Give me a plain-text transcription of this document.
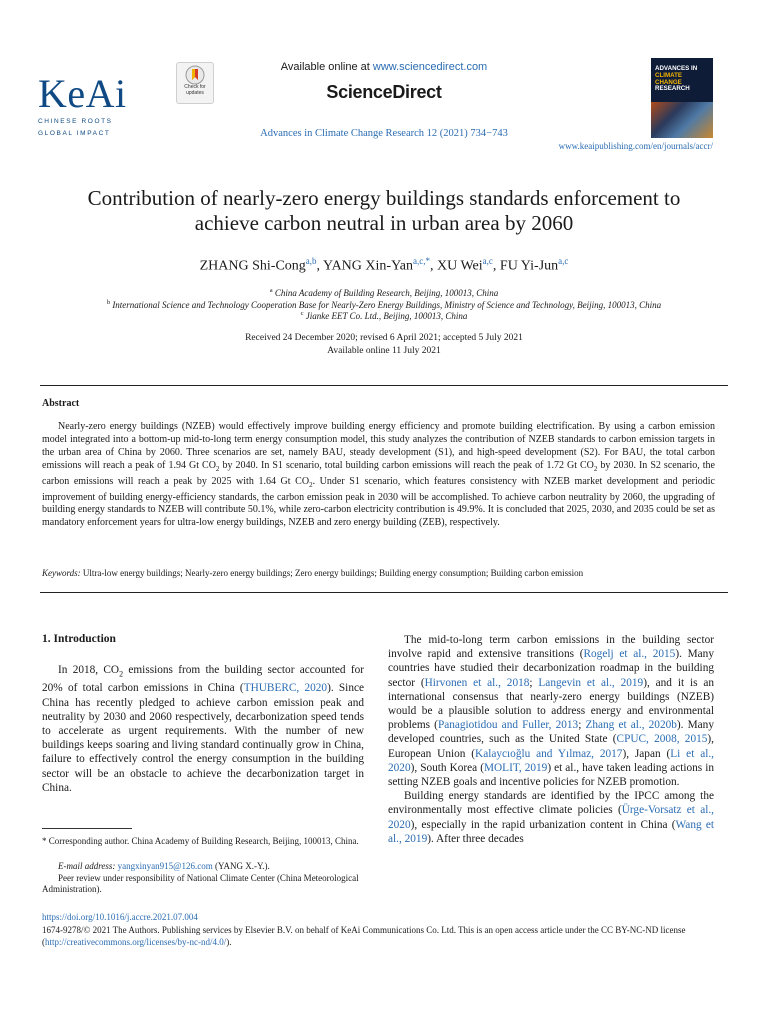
KeAi
CHINESE ROOTS
GLOBAL IMPACT
Check for
updates
Available online at www.sciencedirect.com
ScienceDirect
Advances in Climate Change Research 12 (2021) 734−743
ADVANCES IN
CLIMATE
CHANGE
RESEARCH
www.keaipublishing.com/en/journals/accr/
Contribution of nearly-zero energy buildings standards enforcement to
achieve carbon neutral in urban area by 2060
ZHANG Shi-Cong$^{a,b}$, YANG Xin-Yan$^{a,c,*}$, XU Wei$^{a,c}$, FU Yi-Jun$^{a,c}$
$^a$ China Academy of Building Research, Beijing, 100013, China
$^b$ International Science and Technology Cooperation Base for Nearly-Zero Energy Buildings, Ministry of Science and Technology, Beijing, 100013, China
$^c$ Jianke EET Co. Ltd., Beijing, 100013, China
Received 24 December 2020; revised 6 April 2021; accepted 5 July 2021
Available online 11 July 2021
Abstract
Nearly-zero energy buildings (NZEB) would effectively improve building energy efficiency and promote building electrification. By using a carbon emission model integrated into a bottom-up mid-to-long term energy consumption model, this study analyzes the contribution of NZEB standards to carbon emission targets in the urban area of China by 2060. Three scenarios are set, namely BAU, steady development (S1), and high-speed development (S2). For BAU, the total carbon emissions will reach a peak of 1.94 Gt $CO_2$ by 2040. In S1 scenario, total building carbon emissions will reach the peak of 1.72 Gt $CO_2$ by 2030. In S2 scenario, the carbon emissions will reach a peak by 2025 with 1.64 Gt $CO_2$. Under S1 scenario, which features consistency with NZEB market development and periodic improvement of building energy-efficiency standards, the carbon emission peak in 2030 will be accomplished. To achieve carbon neutrality by 2060, the upgrading of building energy standards to NZEB will contribute 50.1%, while zero-carbon electricity contribution is 49.9%. It is concluded that 2025, 2030, and 2035 could be set as mandatory enforcement years for ultra-low energy buildings, NZEB and zero energy building (ZEB), respectively.
Keywords: Ultra-low energy buildings; Nearly-zero energy buildings; Zero energy buildings; Building energy consumption; Building carbon emission
1. Introduction

In 2018, $CO_2$ emissions from the building sector accounted for 20% of total carbon emissions in China (THUBERC, 2020). Since China has recently pledged to achieve carbon emission peak and neutrality by 2030 and 2060 respectively, decarbonization speed tends to accelerate as urgent requirements. With the number of new buildings keeps soaring and living standard continually grow in China, failure to effectively control the energy consumption in the building sector will be an obstacle to achieve the decarbonization target in China.

* Corresponding author. China Academy of Building Research, Beijing, 100013, China.
E-mail address: yangxinyan915@126.com (YANG X.-Y.).
Peer review under responsibility of National Climate Center (China Meteorological Administration).

The mid-to-long term carbon emissions in the building sector involve rapid and extensive transitions (Rogelj et al., 2015). Many countries have studied their decarbonization roadmap in the building sector (Hirvonen et al., 2018; Langevin et al., 2019), and it is an international consensus that nearly-zero energy buildings (NZEB) would be a plausible solution to address energy and environmental problems (Panagiotidou and Fuller, 2013; Zhang et al., 2020b). Many developed countries, such as the United State (CPUC, 2008, 2015), European Union (Kalaycıoğlu and Yılmaz, 2017), Japan (Li et al., 2020), South Korea (MOLIT, 2019) et al., have taken leading actions in setting NZEB goals and incentive policies for NZEB promotion.

Building energy standards are identified by the IPCC among the environmentally most effective climate policies (Ürge-Vorsatz et al., 2020), especially in the rapid urbanization content in China (Wang et al., 2019). After three decades

https://doi.org/10.1016/j.accre.2021.07.004
1674-9278/© 2021 The Authors. Publishing services by Elsevier B.V. on behalf of KeAi Communications Co. Ltd. This is an open access article under the CC BY-NC-ND license (http://creativecommons.org/licenses/by-nc-nd/4.0/).
